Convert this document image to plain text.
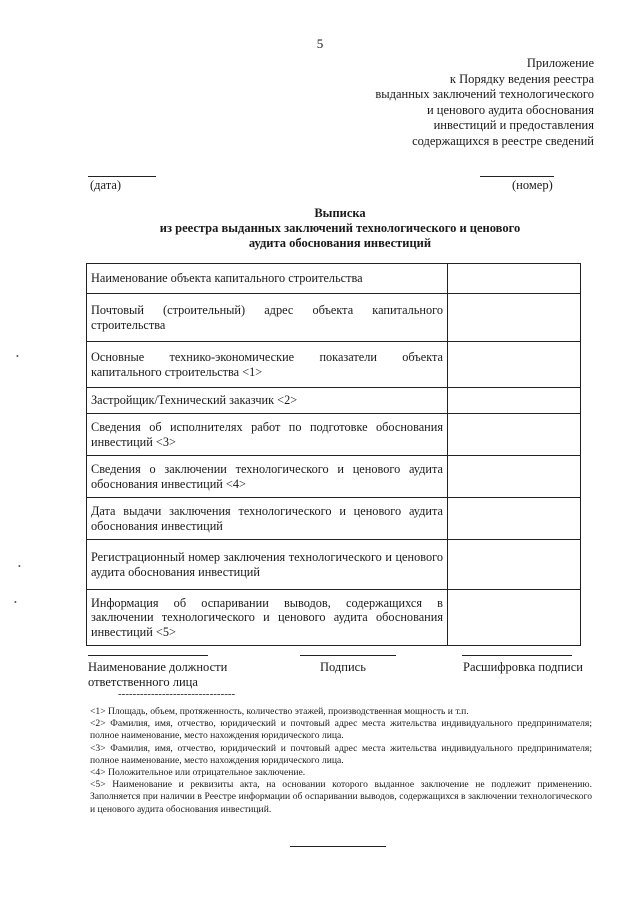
5
Приложение
к Порядку ведения реестра
выданных заключений технологического
и ценового аудита обоснования
инвестиций и предоставления
содержащихся в реестре сведений
(дата)	(номер)
Выписка
из реестра выданных заключений технологического и ценового
аудита обоснования инвестиций
Наименование объекта капитального строительства	
Почтовый (строительный) адрес объекта капитального строительства	
Основные технико-экономические показатели объекта капитального строительства <1>	
Застройщик/Технический заказчик <2>	
Сведения об исполнителях работ по подготовке обоснования инвестиций <3>	
Сведения о заключении технологического и ценового аудита обоснования инвестиций <4>	
Дата выдачи заключения технологического и ценового аудита обоснования инвестиций	
Регистрационный номер заключения технологического и ценового аудита обоснования инвестиций	
Информация об оспаривании выводов, содержащихся в заключении технологического и ценового аудита обоснования инвестиций <5>	
Наименование должности
ответственного лица
Подпись	Расшифровка подписи
--------------------------------

<1> Площадь, объем, протяженность, количество этажей, производственная мощность и т.п.

<2> Фамилия, имя, отчество, юридический и почтовый адрес места жительства индивидуального предпринимателя; полное наименование, место нахождения юридического лица.

<3> Фамилия, имя, отчество, юридический и почтовый адрес места жительства индивидуального предпринимателя; полное наименование, место нахождения юридического лица.

<4> Положительное или отрицательное заключение.

<5> Наименование и реквизиты акта, на основании которого выданное заключение не подлежит применению. Заполняется при наличии в Реестре информации об оспаривании выводов, содержащихся в заключении технологического и ценового аудита обоснования инвестиций.

•
•
•
